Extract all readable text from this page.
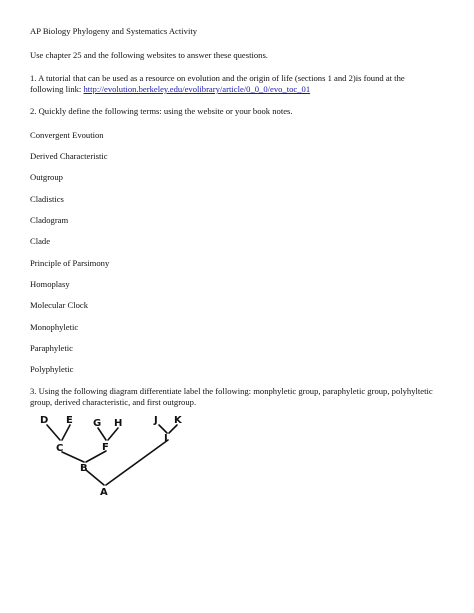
AP Biology Phylogeny and Systematics Activity
Use chapter 25 and the following websites to answer these questions.
1. A tutorial that can be used as a resource on evolution and the origin of life (sections 1 and 2)is found at the
following link: http://evolution.berkeley.edu/evolibrary/article/0_0_0/evo_toc_01
2. Quickly define the following terms: using the website or your book notes.
Convergent Evoution
Derived Characteristic
Outgroup
Cladistics
Cladogram
Clade
Principle of Parsimony
Homoplasy
Molecular Clock
Monophyletic
Paraphyletic
Polyphyletic
3. Using the following diagram differentiate label the following: monphyletic group, paraphyletic group, polyhyltetic group, derived characteristic, and first outgroup.
D E G H	J K
C	F
I
B
A
